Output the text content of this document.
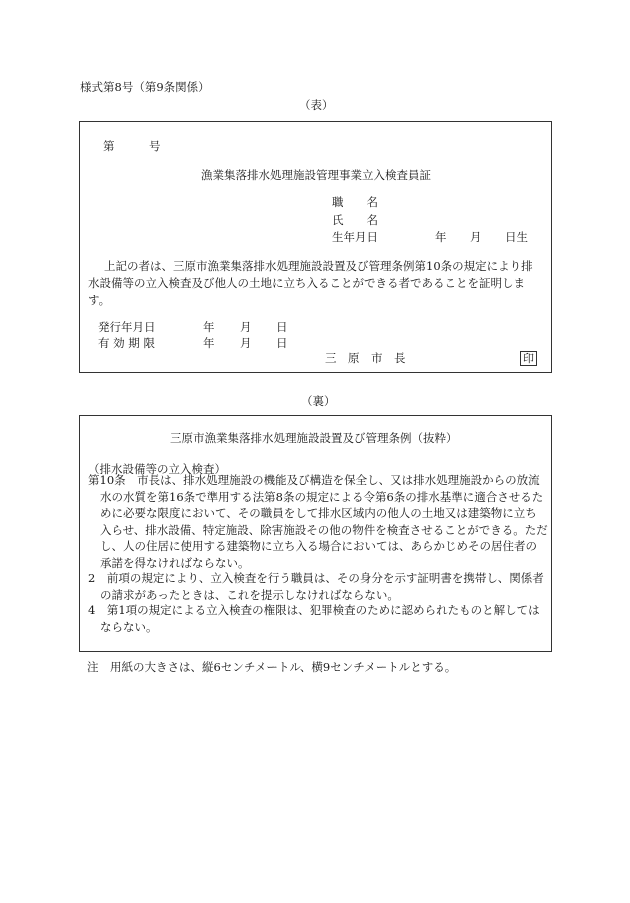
様式第8号（第9条関係）
（表）
第	号
漁業集落排水処理施設管理事業立入検査員証
職　　名
氏　　名
生年月日	年 月 日生
上記の者は、三原市漁業集落排水処理施設設置及び管理条例第10条の規定により排
水設備等の立入検査及び他人の土地に立ち入ることができる者であることを証明しま
す。
発行年月日	年 月 日
有 効 期 限	年 月 日
三　原　市　長	印
（裏）
三原市漁業集落排水処理施設設置及び管理条例（抜粋）
（排水設備等の立入検査）
第10条　市長は、排水処理施設の機能及び構造を保全し、又は排水処理施設からの放流水の水質を第16条で準用する法第8条の規定による令第6条の排水基準に適合させるために必要な限度において、その職員をして排水区域内の他人の土地又は建築物に立ち入らせ、排水設備、特定施設、除害施設その他の物件を検査させることができる。ただし、人の住居に使用する建築物に立ち入る場合においては、あらかじめその居住者の承諾を得なければならない。
2　前項の規定により、立入検査を行う職員は、その身分を示す証明書を携帯し、関係者の請求があったときは、これを提示しなければならない。
4　第1項の規定による立入検査の権限は、犯罪検査のために認められたものと解してはならない。
注　用紙の大きさは、縦6センチメートル、横9センチメートルとする。
